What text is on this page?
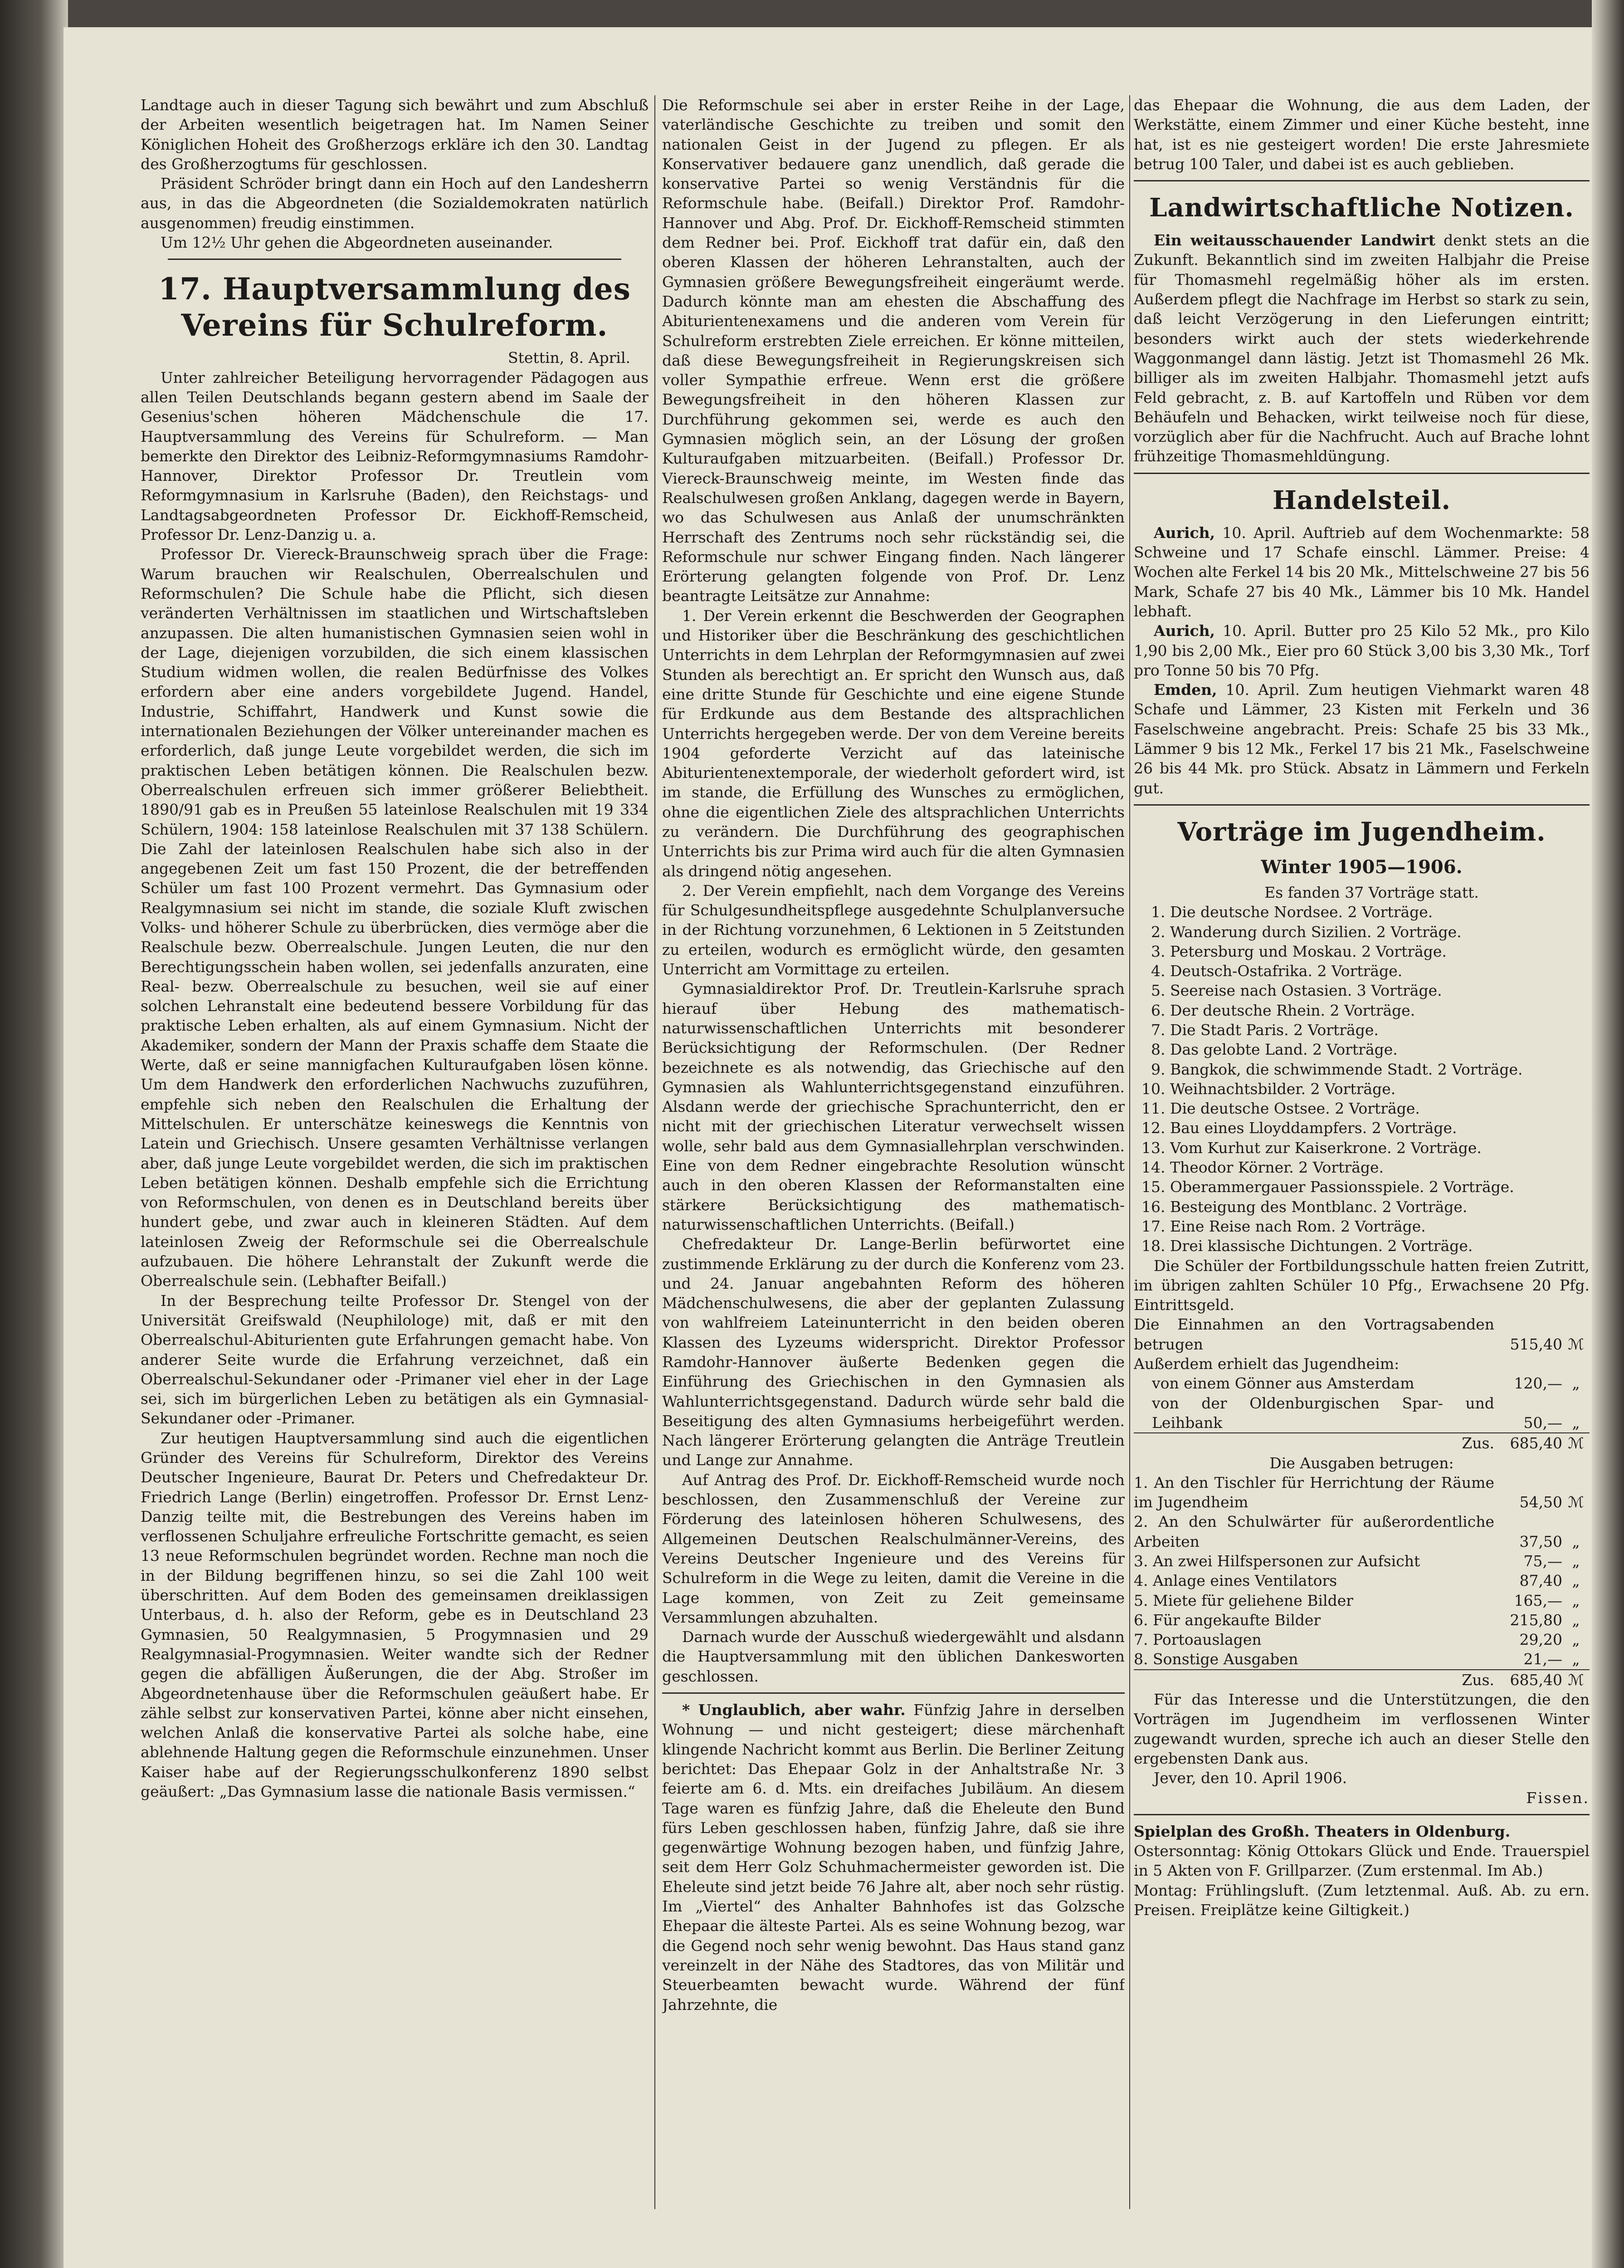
Landtage auch in dieser Tagung sich bewährt und zum Abschluß der Arbeiten wesentlich beigetragen hat. Im Namen Seiner Königlichen Hoheit des Großherzogs erkläre ich den 30. Landtag des Großherzogtums für geschlossen.

Präsident Schröder bringt dann ein Hoch auf den Landesherrn aus, in das die Abgeordneten (die Sozialdemokraten natürlich ausgenommen) freudig einstimmen.

Um 12½ Uhr gehen die Abgeordneten auseinander.

17. Hauptversammlung des Vereins für Schulreform.
Stettin, 8. April.

Unter zahlreicher Beteiligung hervorragender Pädagogen aus allen Teilen Deutschlands begann gestern abend im Saale der Gesenius'schen höheren Mädchenschule die 17. Hauptversammlung des Vereins für Schulreform. — Man bemerkte den Direktor des Leibniz-Reformgymnasiums Ramdohr-Hannover, Direktor Professor Dr. Treutlein vom Reformgymnasium in Karlsruhe (Baden), den Reichstags- und Landtagsabgeordneten Professor Dr. Eickhoff-Remscheid, Professor Dr. Lenz-Danzig u. a.

Professor Dr. Viereck-Braunschweig sprach über die Frage: Warum brauchen wir Realschulen, Oberrealschulen und Reformschulen? Die Schule habe die Pflicht, sich diesen veränderten Verhältnissen im staatlichen und Wirtschaftsleben anzupassen. Die alten humanistischen Gymnasien seien wohl in der Lage, diejenigen vorzubilden, die sich einem klassischen Studium widmen wollen, die realen Bedürfnisse des Volkes erfordern aber eine anders vorgebildete Jugend. Handel, Industrie, Schiffahrt, Handwerk und Kunst sowie die internationalen Beziehungen der Völker untereinander machen es erforderlich, daß junge Leute vorgebildet werden, die sich im praktischen Leben betätigen können. Die Realschulen bezw. Oberrealschulen erfreuen sich immer größerer Beliebtheit. 1890/91 gab es in Preußen 55 lateinlose Realschulen mit 19 334 Schülern, 1904: 158 lateinlose Realschulen mit 37 138 Schülern. Die Zahl der lateinlosen Realschulen habe sich also in der angegebenen Zeit um fast 150 Prozent, die der betreffenden Schüler um fast 100 Prozent vermehrt. Das Gymnasium oder Realgymnasium sei nicht im stande, die soziale Kluft zwischen Volks- und höherer Schule zu überbrücken, dies vermöge aber die Realschule bezw. Oberrealschule. Jungen Leuten, die nur den Berechtigungsschein haben wollen, sei jedenfalls anzuraten, eine Real- bezw. Oberrealschule zu besuchen, weil sie auf einer solchen Lehranstalt eine bedeutend bessere Vorbildung für das praktische Leben erhalten, als auf einem Gymnasium. Nicht der Akademiker, sondern der Mann der Praxis schaffe dem Staate die Werte, daß er seine mannigfachen Kulturaufgaben lösen könne. Um dem Handwerk den erforderlichen Nachwuchs zuzuführen, empfehle sich neben den Realschulen die Erhaltung der Mittelschulen. Er unterschätze keineswegs die Kenntnis von Latein und Griechisch. Unsere gesamten Verhältnisse verlangen aber, daß junge Leute vorgebildet werden, die sich im praktischen Leben betätigen können. Deshalb empfehle sich die Errichtung von Reformschulen, von denen es in Deutschland bereits über hundert gebe, und zwar auch in kleineren Städten. Auf dem lateinlosen Zweig der Reformschule sei die Oberrealschule aufzubauen. Die höhere Lehranstalt der Zukunft werde die Oberrealschule sein. (Lebhafter Beifall.)

In der Besprechung teilte Professor Dr. Stengel von der Universität Greifswald (Neuphilologe) mit, daß er mit den Oberrealschul-Abiturienten gute Erfahrungen gemacht habe. Von anderer Seite wurde die Erfahrung verzeichnet, daß ein Oberrealschul-Sekundaner oder -Primaner viel eher in der Lage sei, sich im bürgerlichen Leben zu betätigen als ein Gymnasial-Sekundaner oder -Primaner.

Zur heutigen Hauptversammlung sind auch die eigentlichen Gründer des Vereins für Schulreform, Direktor des Vereins Deutscher Ingenieure, Baurat Dr. Peters und Chefredakteur Dr. Friedrich Lange (Berlin) eingetroffen. Professor Dr. Ernst Lenz-Danzig teilte mit, die Bestrebungen des Vereins haben im verflossenen Schuljahre erfreuliche Fortschritte gemacht, es seien 13 neue Reformschulen begründet worden. Rechne man noch die in der Bildung begriffenen hinzu, so sei die Zahl 100 weit überschritten. Auf dem Boden des gemeinsamen dreiklassigen Unterbaus, d. h. also der Reform, gebe es in Deutschland 23 Gymnasien, 50 Realgymnasien, 5 Progymnasien und 29 Realgymnasial-Progymnasien. Weiter wandte sich der Redner gegen die abfälligen Äußerungen, die der Abg. Stroßer im Abgeordnetenhause über die Reformschulen geäußert habe. Er zähle selbst zur konservativen Partei, könne aber nicht einsehen, welchen Anlaß die konservative Partei als solche habe, eine ablehnende Haltung gegen die Reformschule einzunehmen. Unser Kaiser habe auf der Regierungsschulkonferenz 1890 selbst geäußert: „Das Gymnasium lasse die nationale Basis vermissen.“

Die Reformschule sei aber in erster Reihe in der Lage, vaterländische Geschichte zu treiben und somit den nationalen Geist in der Jugend zu pflegen. Er als Konservativer bedauere ganz unendlich, daß gerade die konservative Partei so wenig Verständnis für die Reformschule habe. (Beifall.) Direktor Prof. Ramdohr-Hannover und Abg. Prof. Dr. Eickhoff-Remscheid stimmten dem Redner bei. Prof. Eickhoff trat dafür ein, daß den oberen Klassen der höheren Lehranstalten, auch der Gymnasien größere Bewegungsfreiheit eingeräumt werde. Dadurch könnte man am ehesten die Abschaffung des Abiturientenexamens und die anderen vom Verein für Schulreform erstrebten Ziele erreichen. Er könne mitteilen, daß diese Bewegungsfreiheit in Regierungskreisen sich voller Sympathie erfreue. Wenn erst die größere Bewegungsfreiheit in den höheren Klassen zur Durchführung gekommen sei, werde es auch den Gymnasien möglich sein, an der Lösung der großen Kulturaufgaben mitzuarbeiten. (Beifall.) Professor Dr. Viereck-Braunschweig meinte, im Westen finde das Realschulwesen großen Anklang, dagegen werde in Bayern, wo das Schulwesen aus Anlaß der unumschränkten Herrschaft des Zentrums noch sehr rückständig sei, die Reformschule nur schwer Eingang finden. Nach längerer Erörterung gelangten folgende von Prof. Dr. Lenz beantragte Leitsätze zur Annahme:

1. Der Verein erkennt die Beschwerden der Geographen und Historiker über die Beschränkung des geschichtlichen Unterrichts in dem Lehrplan der Reformgymnasien auf zwei Stunden als berechtigt an. Er spricht den Wunsch aus, daß eine dritte Stunde für Geschichte und eine eigene Stunde für Erdkunde aus dem Bestande des altsprachlichen Unterrichts hergegeben werde. Der von dem Vereine bereits 1904 geforderte Verzicht auf das lateinische Abiturientenextemporale, der wiederholt gefordert wird, ist im stande, die Erfüllung des Wunsches zu ermöglichen, ohne die eigentlichen Ziele des altsprachlichen Unterrichts zu verändern. Die Durchführung des geographischen Unterrichts bis zur Prima wird auch für die alten Gymnasien als dringend nötig angesehen.

2. Der Verein empfiehlt, nach dem Vorgange des Vereins für Schulgesundheitspflege ausgedehnte Schulplanversuche in der Richtung vorzunehmen, 6 Lektionen in 5 Zeitstunden zu erteilen, wodurch es ermöglicht würde, den gesamten Unterricht am Vormittage zu erteilen.

Gymnasialdirektor Prof. Dr. Treutlein-Karlsruhe sprach hierauf über Hebung des mathematisch-naturwissenschaftlichen Unterrichts mit besonderer Berücksichtigung der Reformschulen. (Der Redner bezeichnete es als notwendig, das Griechische auf den Gymnasien als Wahlunterrichtsgegenstand einzuführen. Alsdann werde der griechische Sprachunterricht, den er nicht mit der griechischen Literatur verwechselt wissen wolle, sehr bald aus dem Gymnasiallehrplan verschwinden. Eine von dem Redner eingebrachte Resolution wünscht auch in den oberen Klassen der Reformanstalten eine stärkere Berücksichtigung des mathematisch-naturwissenschaftlichen Unterrichts. (Beifall.)

Chefredakteur Dr. Lange-Berlin befürwortet eine zustimmende Erklärung zu der durch die Konferenz vom 23. und 24. Januar angebahnten Reform des höheren Mädchenschulwesens, die aber der geplanten Zulassung von wahlfreiem Lateinunterricht in den beiden oberen Klassen des Lyzeums widerspricht. Direktor Professor Ramdohr-Hannover äußerte Bedenken gegen die Einführung des Griechischen in den Gymnasien als Wahlunterrichtsgegenstand. Dadurch würde sehr bald die Beseitigung des alten Gymnasiums herbeigeführt werden. Nach längerer Erörterung gelangten die Anträge Treutlein und Lange zur Annahme.

Auf Antrag des Prof. Dr. Eickhoff-Remscheid wurde noch beschlossen, den Zusammenschluß der Vereine zur Förderung des lateinlosen höheren Schulwesens, des Allgemeinen Deutschen Realschulmänner-Vereins, des Vereins Deutscher Ingenieure und des Vereins für Schulreform in die Wege zu leiten, damit die Vereine in die Lage kommen, von Zeit zu Zeit gemeinsame Versammlungen abzuhalten.

Darnach wurde der Ausschuß wiedergewählt und alsdann die Hauptversammlung mit den üblichen Dankesworten geschlossen.

* Unglaublich, aber wahr. Fünfzig Jahre in derselben Wohnung — und nicht gesteigert; diese märchenhaft klingende Nachricht kommt aus Berlin. Die Berliner Zeitung berichtet: Das Ehepaar Golz in der Anhaltstraße Nr. 3 feierte am 6. d. Mts. ein dreifaches Jubiläum. An diesem Tage waren es fünfzig Jahre, daß die Eheleute den Bund fürs Leben geschlossen haben, fünfzig Jahre, daß sie ihre gegenwärtige Wohnung bezogen haben, und fünfzig Jahre, seit dem Herr Golz Schuhmachermeister geworden ist. Die Eheleute sind jetzt beide 76 Jahre alt, aber noch sehr rüstig. Im „Viertel“ des Anhalter Bahnhofes ist das Golzsche Ehepaar die älteste Partei. Als es seine Wohnung bezog, war die Gegend noch sehr wenig bewohnt. Das Haus stand ganz vereinzelt in der Nähe des Stadtores, das von Militär und Steuerbeamten bewacht wurde. Während der fünf Jahrzehnte, die

das Ehepaar die Wohnung, die aus dem Laden, der Werkstätte, einem Zimmer und einer Küche besteht, inne hat, ist es nie gesteigert worden! Die erste Jahresmiete betrug 100 Taler, und dabei ist es auch geblieben.

Landwirtschaftliche Notizen.

Ein weitausschauender Landwirt denkt stets an die Zukunft. Bekanntlich sind im zweiten Halbjahr die Preise für Thomasmehl regelmäßig höher als im ersten. Außerdem pflegt die Nachfrage im Herbst so stark zu sein, daß leicht Verzögerung in den Lieferungen eintritt; besonders wirkt auch der stets wiederkehrende Waggonmangel dann lästig. Jetzt ist Thomasmehl 26 Mk. billiger als im zweiten Halbjahr. Thomasmehl jetzt aufs Feld gebracht, z. B. auf Kartoffeln und Rüben vor dem Behäufeln und Behacken, wirkt teilweise noch für diese, vorzüglich aber für die Nachfrucht. Auch auf Brache lohnt frühzeitige Thomasmehldüngung.

Handelsteil.

Aurich, 10. April. Auftrieb auf dem Wochenmarkte: 58 Schweine und 17 Schafe einschl. Lämmer. Preise: 4 Wochen alte Ferkel 14 bis 20 Mk., Mittelschweine 27 bis 56 Mark, Schafe 27 bis 40 Mk., Lämmer bis 10 Mk. Handel lebhaft.

Aurich, 10. April. Butter pro 25 Kilo 52 Mk., pro Kilo 1,90 bis 2,00 Mk., Eier pro 60 Stück 3,00 bis 3,30 Mk., Torf pro Tonne 50 bis 70 Pfg.

Emden, 10. April. Zum heutigen Viehmarkt waren 48 Schafe und Lämmer, 23 Kisten mit Ferkeln und 36 Faselschweine angebracht. Preis: Schafe 25 bis 33 Mk., Lämmer 9 bis 12 Mk., Ferkel 17 bis 21 Mk., Faselschweine 26 bis 44 Mk. pro Stück. Absatz in Lämmern und Ferkeln gut.

Vorträge im Jugendheim.
Winter 1905—1906.

Es fanden 37 Vorträge statt.

1. Die deutsche Nordsee. 2 Vorträge.
2. Wanderung durch Sizilien. 2 Vorträge.
3. Petersburg und Moskau. 2 Vorträge.
4. Deutsch-Ostafrika. 2 Vorträge.
5. Seereise nach Ostasien. 3 Vorträge.
6. Der deutsche Rhein. 2 Vorträge.
7. Die Stadt Paris. 2 Vorträge.
8. Das gelobte Land. 2 Vorträge.
9. Bangkok, die schwimmende Stadt. 2 Vorträge.
10. Weihnachtsbilder. 2 Vorträge.
11. Die deutsche Ostsee. 2 Vorträge.
12. Bau eines Lloyddampfers. 2 Vorträge.
13. Vom Kurhut zur Kaiserkrone. 2 Vorträge.
14. Theodor Körner. 2 Vorträge.
15. Oberammergauer Passionsspiele. 2 Vorträge.
16. Besteigung des Montblanc. 2 Vorträge.
17. Eine Reise nach Rom. 2 Vorträge.
18. Drei klassische Dichtungen. 2 Vorträge.

Die Schüler der Fortbildungsschule hatten freien Zutritt, im übrigen zahlten Schüler 10 Pfg., Erwachsene 20 Pfg. Eintrittsgeld.

Die Einnahmen an den Vortragsabenden betrugen	515,40	ℳ
Außerdem erhielt das Jugendheim:		
von einem Gönner aus Amsterdam	120,—	„
von der Oldenburgischen Spar- und Leihbank	50,—	„
Zus.	685,40	ℳ

Die Ausgaben betrugen:

1. An den Tischler für Herrichtung der Räume im Jugendheim	54,50	ℳ
2. An den Schulwärter für außerordentliche Arbeiten	37,50	„
3. An zwei Hilfspersonen zur Aufsicht	75,—	„
4. Anlage eines Ventilators	87,40	„
5. Miete für geliehene Bilder	165,—	„
6. Für angekaufte Bilder	215,80	„
7. Portoauslagen	29,20	„
8. Sonstige Ausgaben	21,—	„
Zus.	685,40	ℳ

Für das Interesse und die Unterstützungen, die den Vorträgen im Jugendheim im verflossenen Winter zugewandt wurden, spreche ich auch an dieser Stelle den ergebensten Dank aus.

Jever, den 10. April 1906.

Fissen.

Spielplan des Großh. Theaters in Oldenburg.

Ostersonntag: König Ottokars Glück und Ende. Trauerspiel in 5 Akten von F. Grillparzer. (Zum erstenmal. Im Ab.)

Montag: Frühlingsluft. (Zum letztenmal. Auß. Ab. zu ern. Preisen. Freiplätze keine Giltigkeit.)
